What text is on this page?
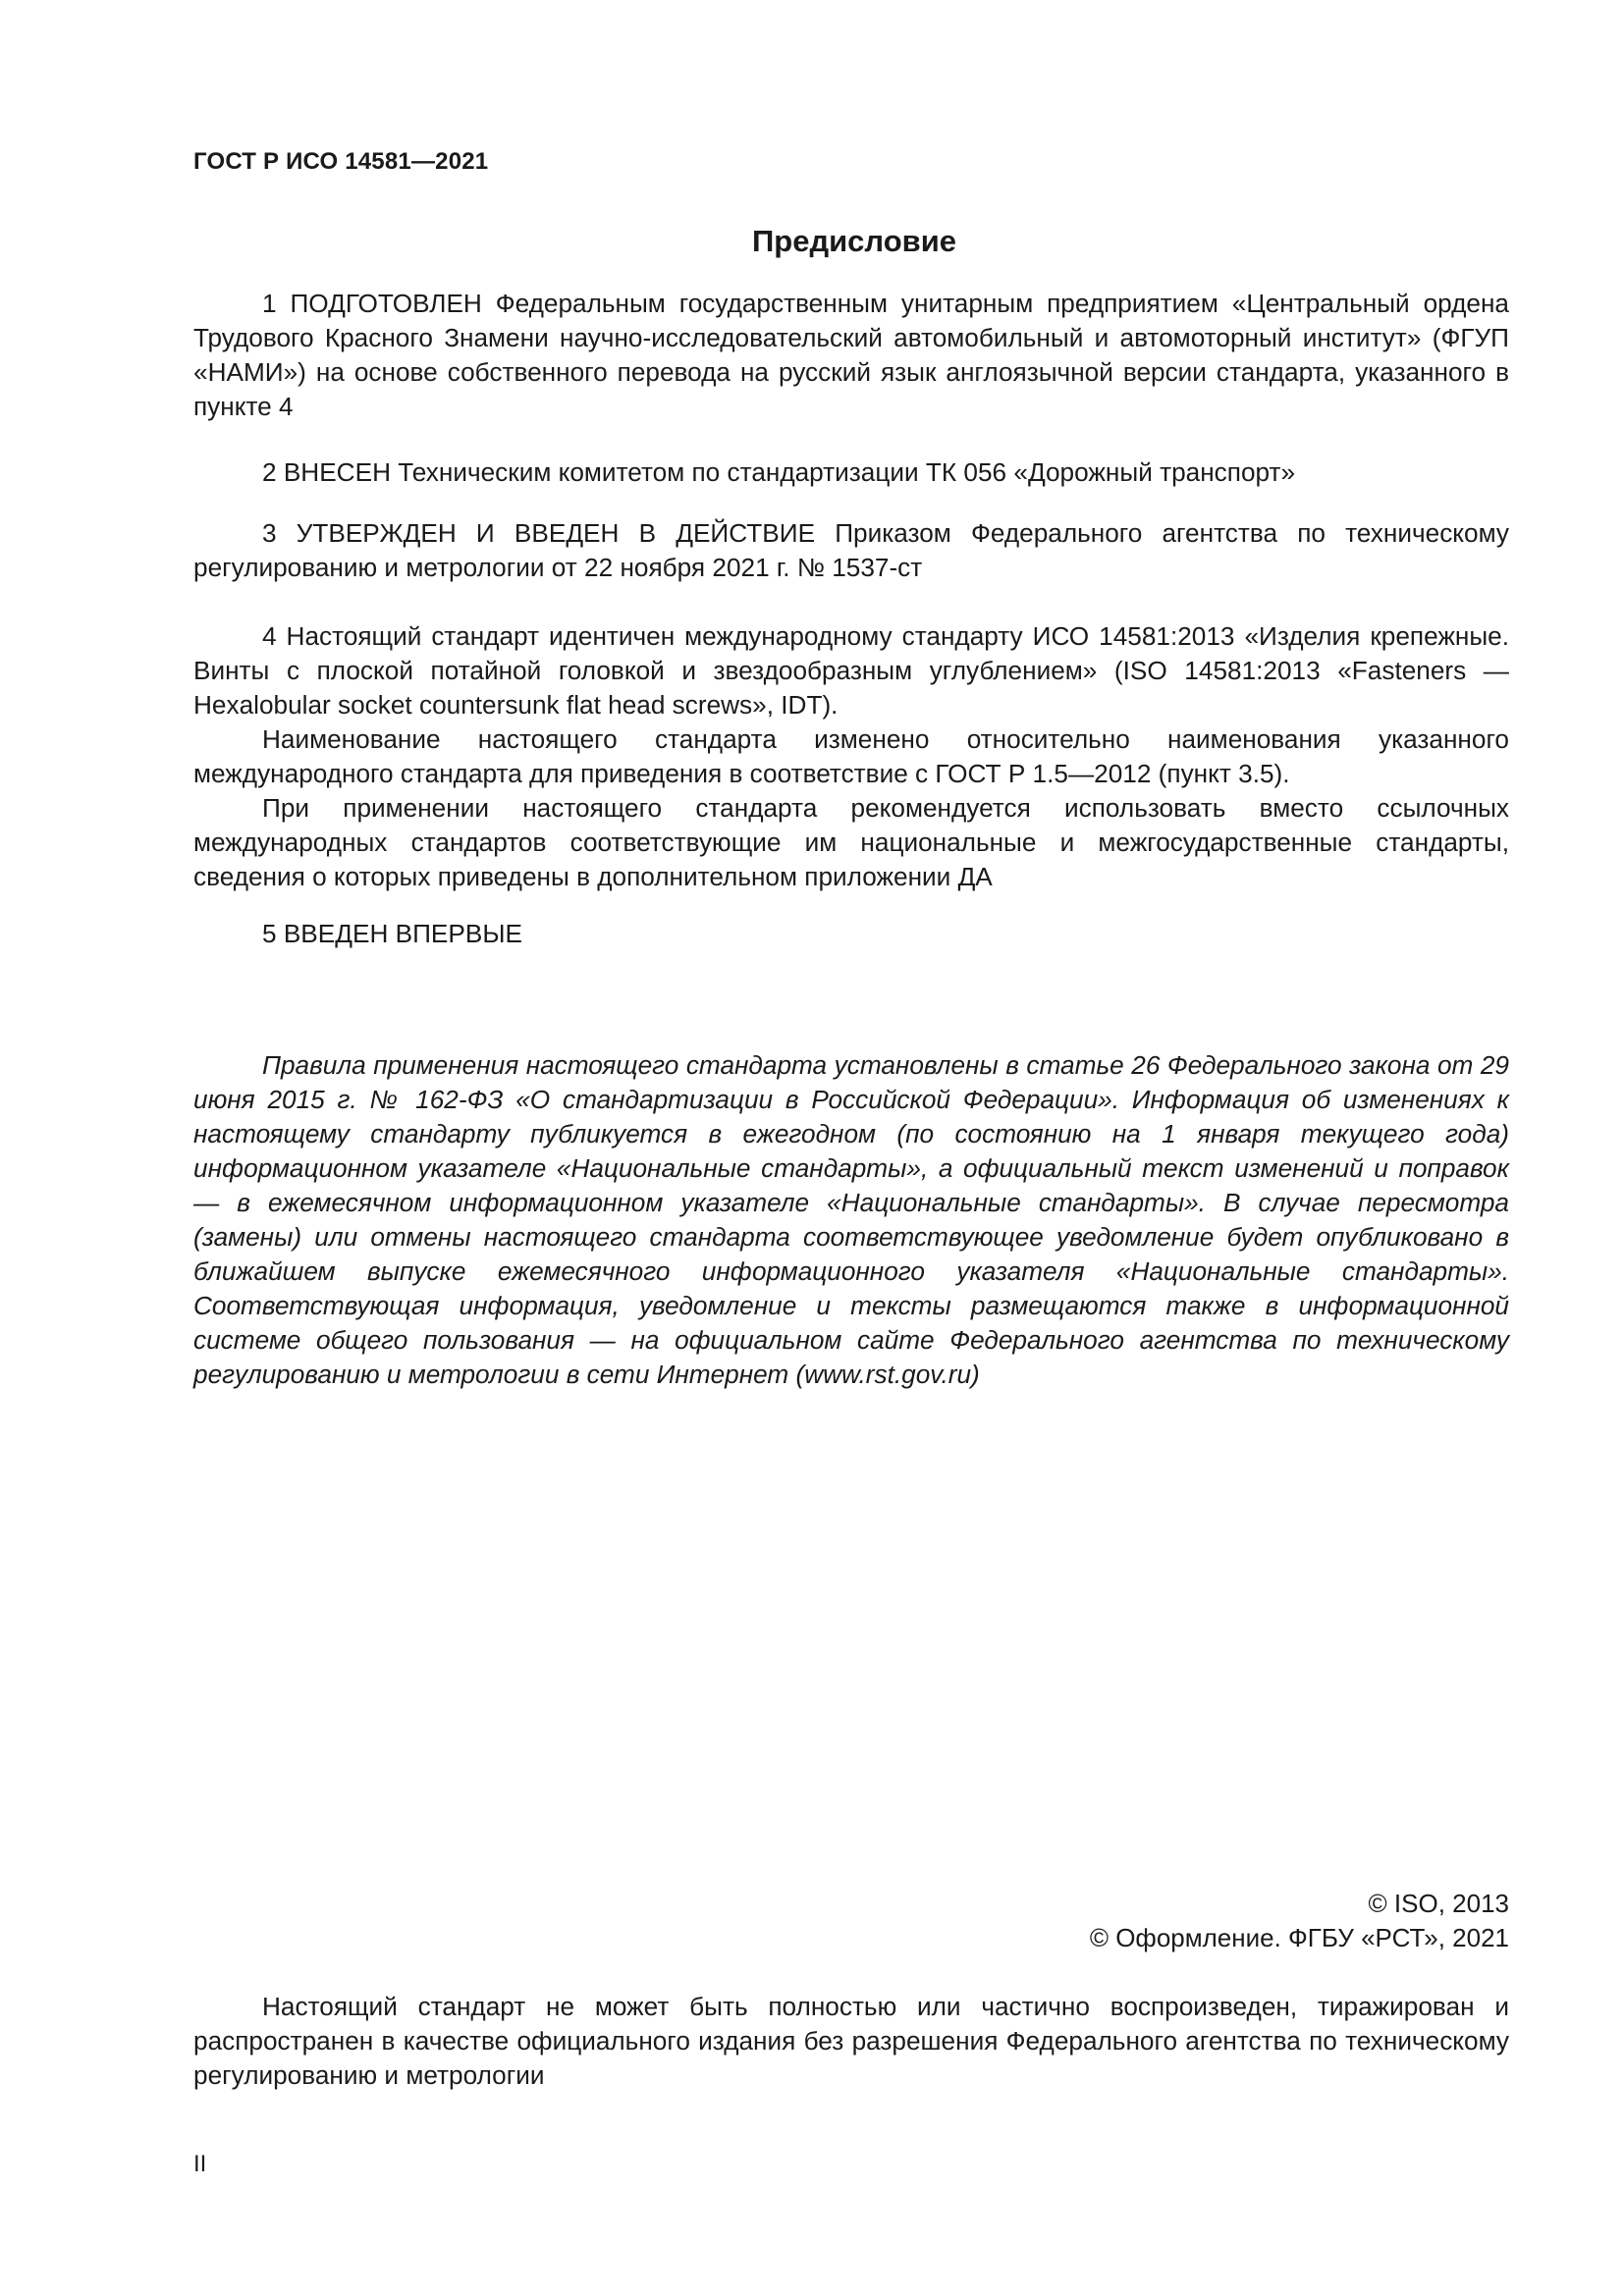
ГОСТ Р ИСО 14581—2021
Предисловие

1 ПОДГОТОВЛЕН Федеральным государственным унитарным предприятием «Центральный ордена Трудового Красного Знамени научно-исследовательский автомобильный и автомоторный институт» (ФГУП «НАМИ») на основе собственного перевода на русский язык англоязычной версии стандарта, указанного в пункте 4

2 ВНЕСЕН Техническим комитетом по стандартизации ТК 056 «Дорожный транспорт»

3 УТВЕРЖДЕН И ВВЕДЕН В ДЕЙСТВИЕ Приказом Федерального агентства по техническому регулированию и метрологии от 22 ноября 2021 г. № 1537-ст

4 Настоящий стандарт идентичен международному стандарту ИСО 14581:2013 «Изделия крепежные. Винты с плоской потайной головкой и звездообразным углублением» (ISO 14581:2013 «Fasteners — Hexalobular socket countersunk flat head screws», IDT).

Наименование настоящего стандарта изменено относительно наименования указанного международного стандарта для приведения в соответствие с ГОСТ Р 1.5—2012 (пункт 3.5).

При применении настоящего стандарта рекомендуется использовать вместо ссылочных международных стандартов соответствующие им национальные и межгосударственные стандарты, сведения о которых приведены в дополнительном приложении ДА

5 ВВЕДЕН ВПЕРВЫЕ

Правила применения настоящего стандарта установлены в статье 26 Федерального закона от 29 июня 2015 г. № 162-ФЗ «О стандартизации в Российской Федерации». Информация об изменениях к настоящему стандарту публикуется в ежегодном (по состоянию на 1 января текущего года) информационном указателе «Национальные стандарты», а официальный текст изменений и поправок — в ежемесячном информационном указателе «Национальные стандарты». В случае пересмотра (замены) или отмены настоящего стандарта соответствующее уведомление будет опубликовано в ближайшем выпуске ежемесячного информационного указателя «Национальные стандарты». Соответствующая информация, уведомление и тексты размещаются также в информационной системе общего пользования — на официальном сайте Федерального агентства по техническому регулированию и метрологии в сети Интернет (www.rst.gov.ru)

© ISO, 2013
© Оформление. ФГБУ «РСТ», 2021

Настоящий стандарт не может быть полностью или частично воспроизведен, тиражирован и распространен в качестве официального издания без разрешения Федерального агентства по техническому регулированию и метрологии

II
